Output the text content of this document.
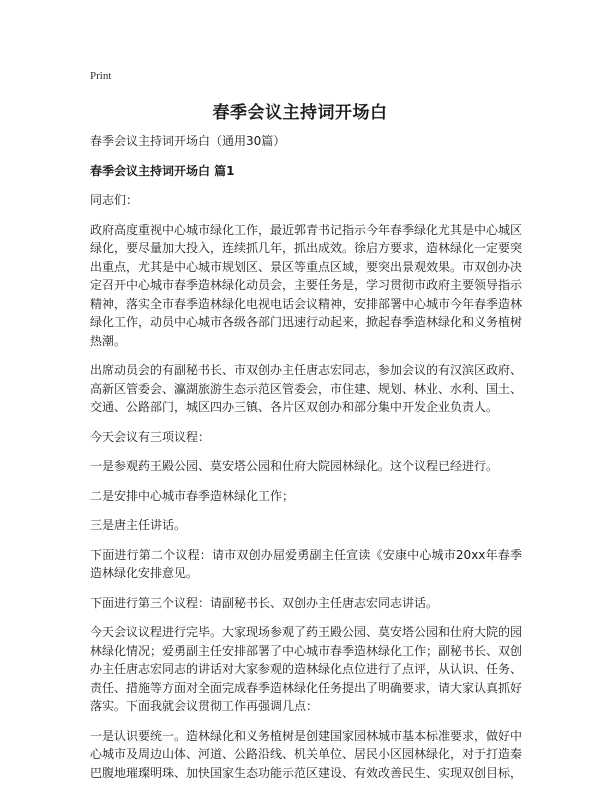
Print
春季会议主持词开场白

春季会议主持词开场白（通用30篇）

春季会议主持词开场白 篇1

同志们：

政府高度重视中心城市绿化工作，最近郭青书记指示今年春季绿化尤其是中心城区绿化，要尽量加大投入，连续抓几年，抓出成效。徐启方要求，造林绿化一定要突出重点，尤其是中心城市规划区、景区等重点区域，要突出景观效果。市双创办决定召开中心城市春季造林绿化动员会，主要任务是，学习贯彻市政府主要领导指示精神，落实全市春季造林绿化电视电话会议精神，安排部署中心城市今年春季造林绿化工作，动员中心城市各级各部门迅速行动起来，掀起春季造林绿化和义务植树热潮。

出席动员会的有副秘书长、市双创办主任唐志宏同志，参加会议的有汉滨区政府、高新区管委会、瀛湖旅游生态示范区管委会，市住建、规划、林业、水利、国土、交通、公路部门，城区四办三镇、各片区双创办和部分集中开发企业负责人。

今天会议有三项议程：

一是参观药王殿公园、莫安塔公园和仕府大院园林绿化。这个议程已经进行。

二是安排中心城市春季造林绿化工作；

三是唐主任讲话。

下面进行第二个议程：请市双创办屈爱勇副主任宣读《安康中心城市20xx年春季造林绿化安排意见。

下面进行第三个议程：请副秘书长、双创办主任唐志宏同志讲话。

今天会议议程进行完毕。大家现场参观了药王殿公园、莫安塔公园和仕府大院的园林绿化情况；爱勇副主任安排部署了中心城市春季造林绿化工作；副秘书长、双创办主任唐志宏同志的讲话对大家参观的造林绿化点位进行了点评，从认识、任务、责任、措施等方面对全面完成春季造林绿化任务提出了明确要求，请大家认真抓好落实。下面我就会议贯彻工作再强调几点：

一是认识要统一。造林绿化和义务植树是创建国家园林城市基本标准要求，做好中心城市及周边山体、河道、公路沿线、机关单位、居民小区园林绿化，对于打造秦巴腹地璀璨明珠、加快国家生态功能示范区建设、有效改善民生、实现双创目标，
